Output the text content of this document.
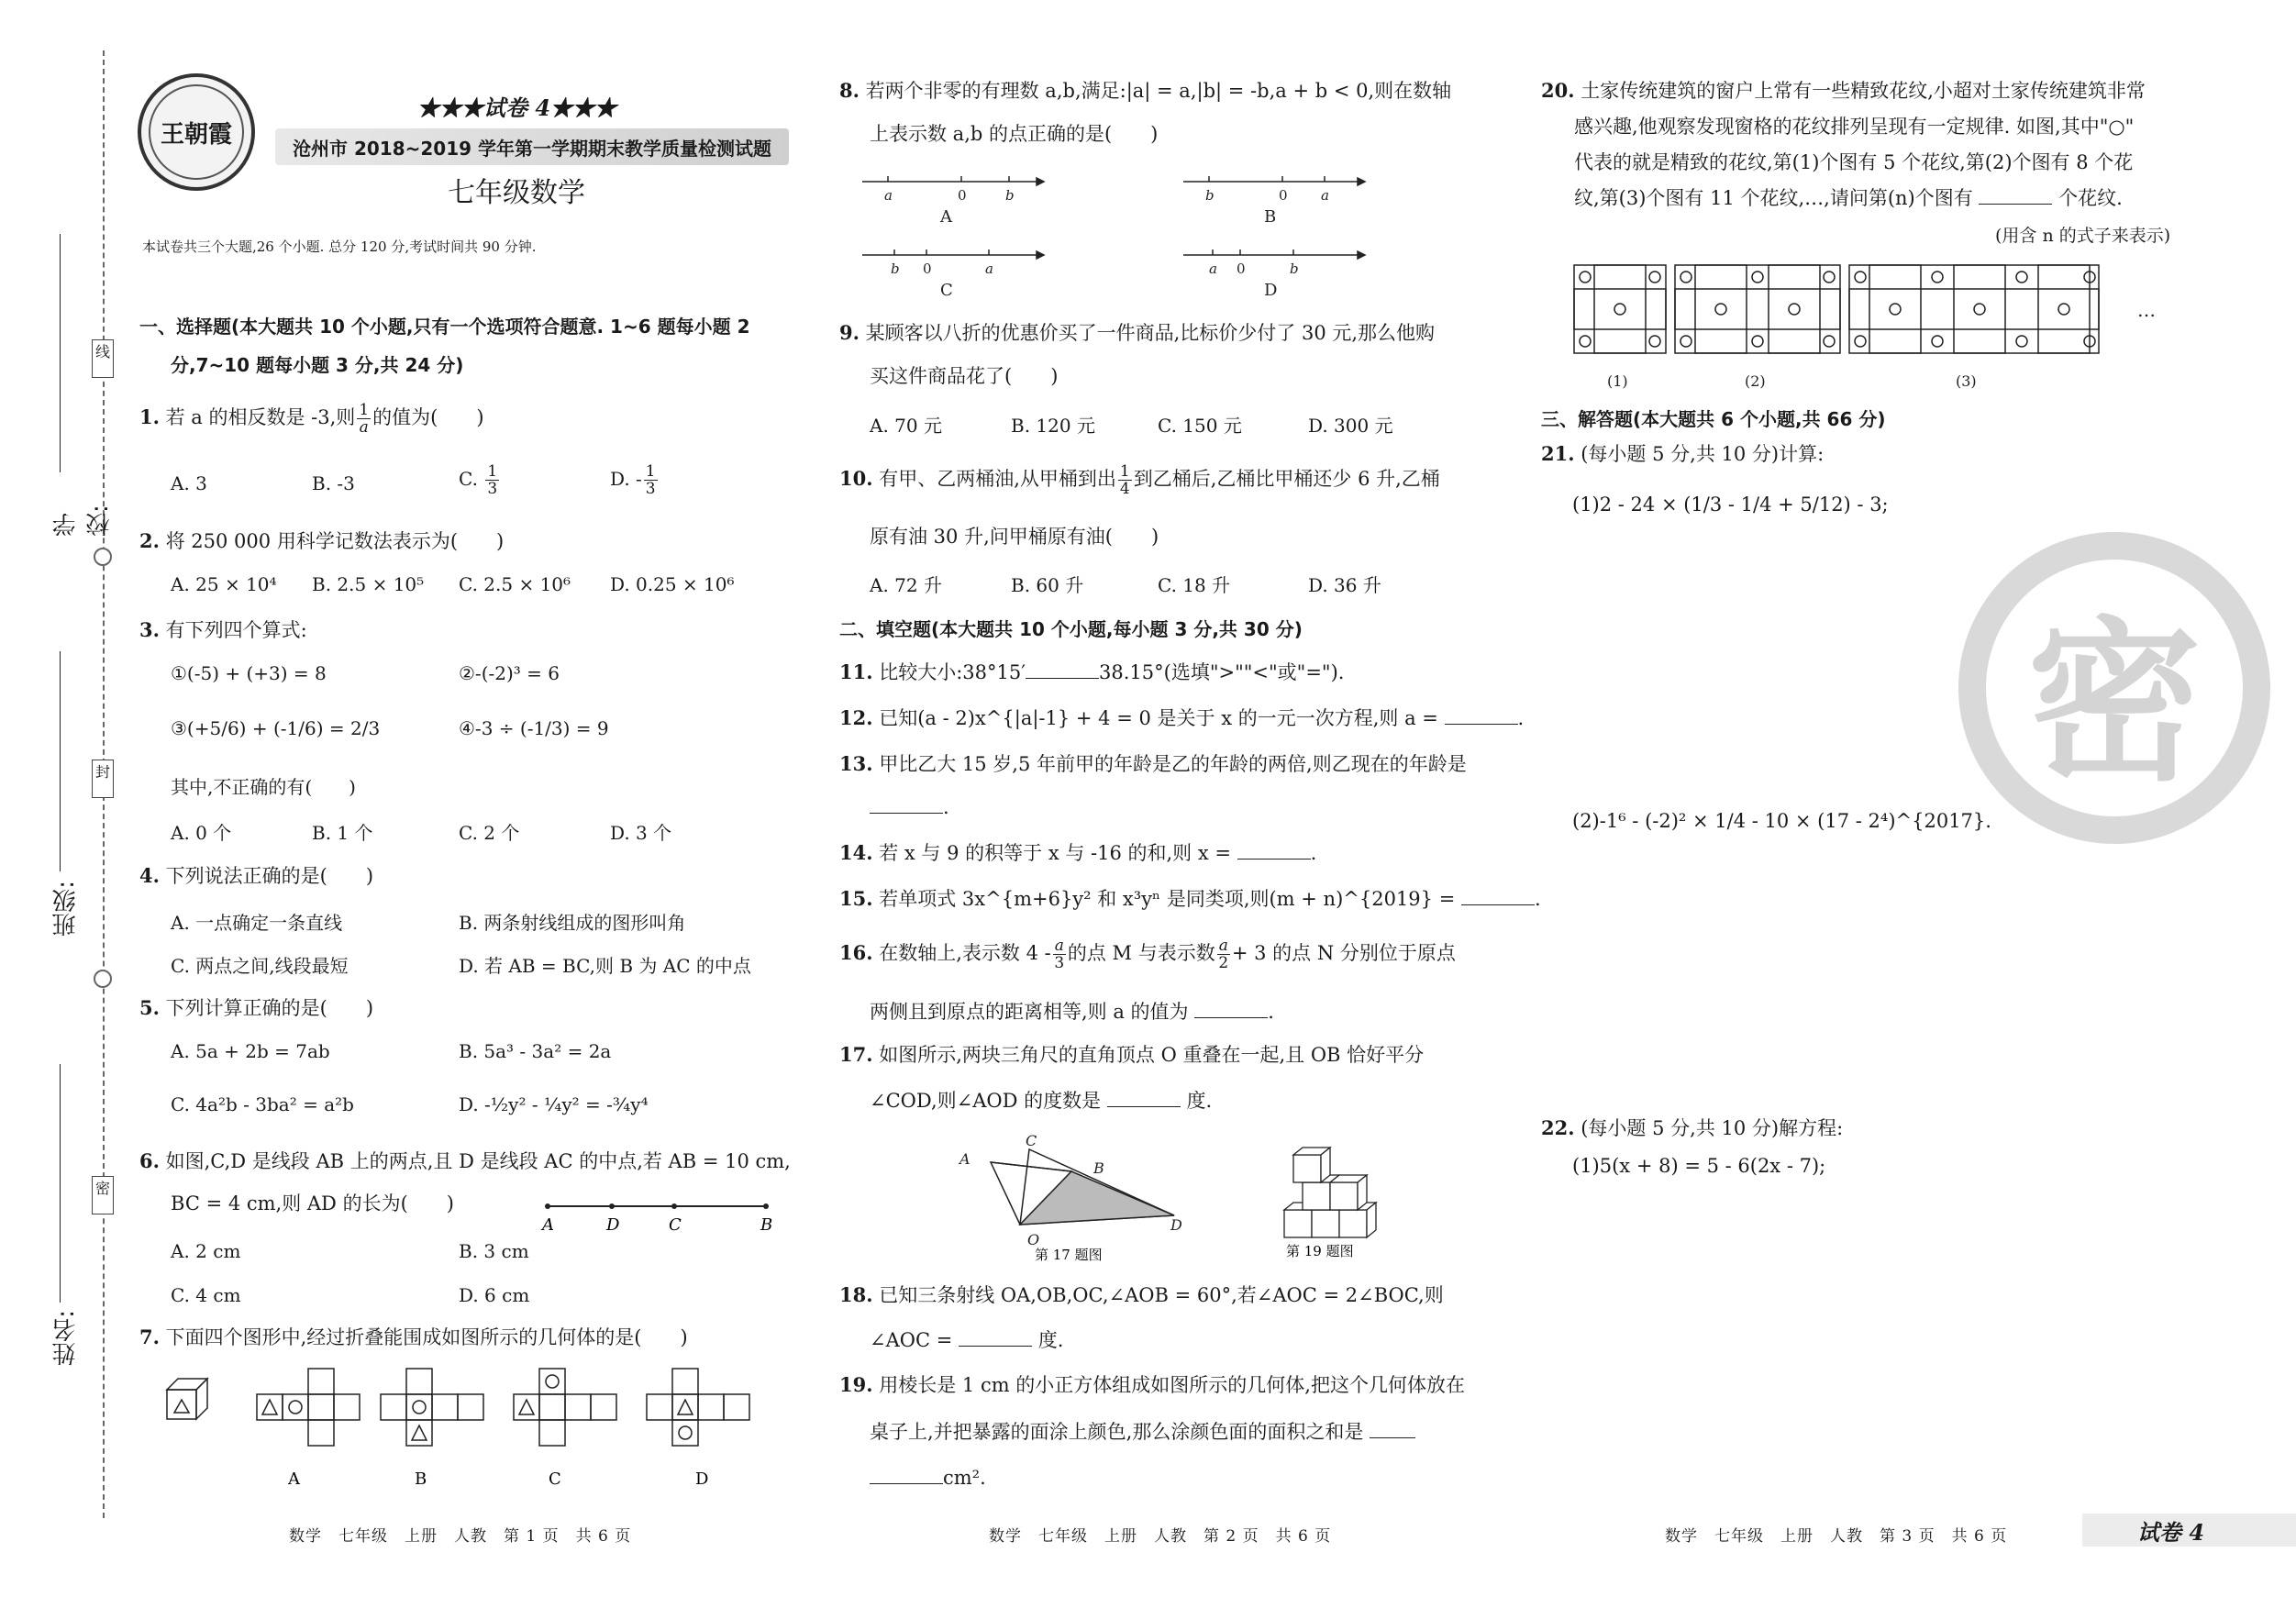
线
封
密
学校:
班级:
姓名:
王朝霞
★★★试卷 4★★★
沧州市 2018~2019 学年第一学期期末教学质量检测试题
七年级数学
本试卷共三个大题,26 个小题. 总分 120 分,考试时间共 90 分钟.
一、选择题(本大题共 10 个小题,只有一个选项符合题意. 1~6 题每小题 2
分,7~10 题每小题 3 分,共 24 分)
1. 若 a 的相反数是 -3,则 $\frac{1}{a}$ 的值为(　　)
A. 3	B. -3	C. $\frac{1}{3}$	D. - $\frac{1}{3}$
2. 将 250 000 用科学记数法表示为(　　)
A. 25 × 10⁴ B. 2.5 × 10⁵ C. 2.5 × 10⁶ D. 0.25 × 10⁶
3. 有下列四个算式:
①(-5) + (+3) = 8	②-(-2)³ = 6
③(+5/6) + (-1/6) = 2/3	④-3 ÷ (-1/3) = 9
其中,不正确的有(　　)
A. 0 个	B. 1 个	C. 2 个	D. 3 个
4. 下列说法正确的是(　　)
A. 一点确定一条直线	B. 两条射线组成的图形叫角
C. 两点之间,线段最短	D. 若 AB = BC,则 B 为 AC 的中点
5. 下列计算正确的是(　　)
A. 5a + 2b = 7ab	B. 5a³ - 3a² = 2a
C. 4a²b - 3ba² = a²b	D. -½y² - ¼y² = -¾y⁴
6. 如图,C,D 是线段 AB 上的两点,且 D 是线段 AC 的中点,若 AB = 10 cm,
BC = 4 cm,则 AD 的长为(　　)
A	D	C	B
A. 2 cm	B. 3 cm
C. 4 cm	D. 6 cm
7. 下面四个图形中,经过折叠能围成如图所示的几何体的是(　　)
A	B	C	D
8. 若两个非零的有理数 a,b,满足:|a| = a,|b| = -b,a + b < 0,则在数轴
上表示数 a,b 的点正确的是(　　)
a	0	b	b	0 a
b 0	a	a 0	b
A	B
C	D
9. 某顾客以八折的优惠价买了一件商品,比标价少付了 30 元,那么他购
买这件商品花了(　　)
A. 70 元	B. 120 元	C. 150 元	D. 300 元
10. 有甲、乙两桶油,从甲桶到出 $\frac{1}{4}$ 到乙桶后,乙桶比甲桶还少 6 升,乙桶
原有油 30 升,问甲桶原有油(　　)
A. 72 升	B. 60 升	C. 18 升	D. 36 升
二、填空题(本大题共 10 个小题,每小题 3 分,共 30 分)
11. 比较大小:38°15′	38.15°(选填">""<"或"=").
12. 已知(a - 2)x^{|a|-1} + 4 = 0 是关于 x 的一元一次方程,则 a =	.
13. 甲比乙大 15 岁,5 年前甲的年龄是乙的年龄的两倍,则乙现在的年龄是
.
14. 若 x 与 9 的积等于 x 与 -16 的和,则 x =	.
15. 若单项式 3x^{m+6}y² 和 x³yⁿ 是同类项,则(m + n)^{2019} =	.
16. 在数轴上,表示数 $4 - \frac{a}{3}$ 的点 M 与表示数 $\frac{a}{2} + 3$ 的点 N 分别位于原点
两侧且到原点的距离相等,则 a 的值为	.
17. 如图所示,两块三角尺的直角顶点 O 重叠在一起,且 OB 恰好平分
∠COD,则∠AOD 的度数是	度.
A
C
B
O
D
第 17 题图	第 19 题图
18. 已知三条射线 OA,OB,OC,∠AOB = 60°,若∠AOC = 2∠BOC,则
∠AOC =	度.
19. 用棱长是 1 cm 的小正方体组成如图所示的几何体,把这个几何体放在
桌子上,并把暴露的面涂上颜色,那么涂颜色面的面积之和是
cm².
20. 土家传统建筑的窗户上常有一些精致花纹,小超对土家传统建筑非常
感兴趣,他观察发现窗格的花纹排列呈现有一定规律. 如图,其中"○"
代表的就是精致的花纹,第(1)个图有 5 个花纹,第(2)个图有 8 个花
纹,第(3)个图有 11 个花纹,…,请问第(n)个图有	个花纹.
(用含 n 的式子来表示)
(1)	(2)	(3)
…
三、解答题(本大题共 6 个小题,共 66 分)
21. (每小题 5 分,共 10 分)计算:
(1)2 - 24 × (1/3 - 1/4 + 5/12) - 3;
(2)-1⁶ - (-2)² × 1/4 - 10 × (17 - 2⁴)^{2017}.
22. (每小题 5 分,共 10 分)解方程:
(1)5(x + 8) = 5 - 6(2x - 7);
密
数学　七年级　上册　人教　第 1 页　共 6 页	数学　七年级　上册　人教　第 2 页　共 6 页	数学　七年级　上册　人教　第 3 页　共 6 页	试卷 4
